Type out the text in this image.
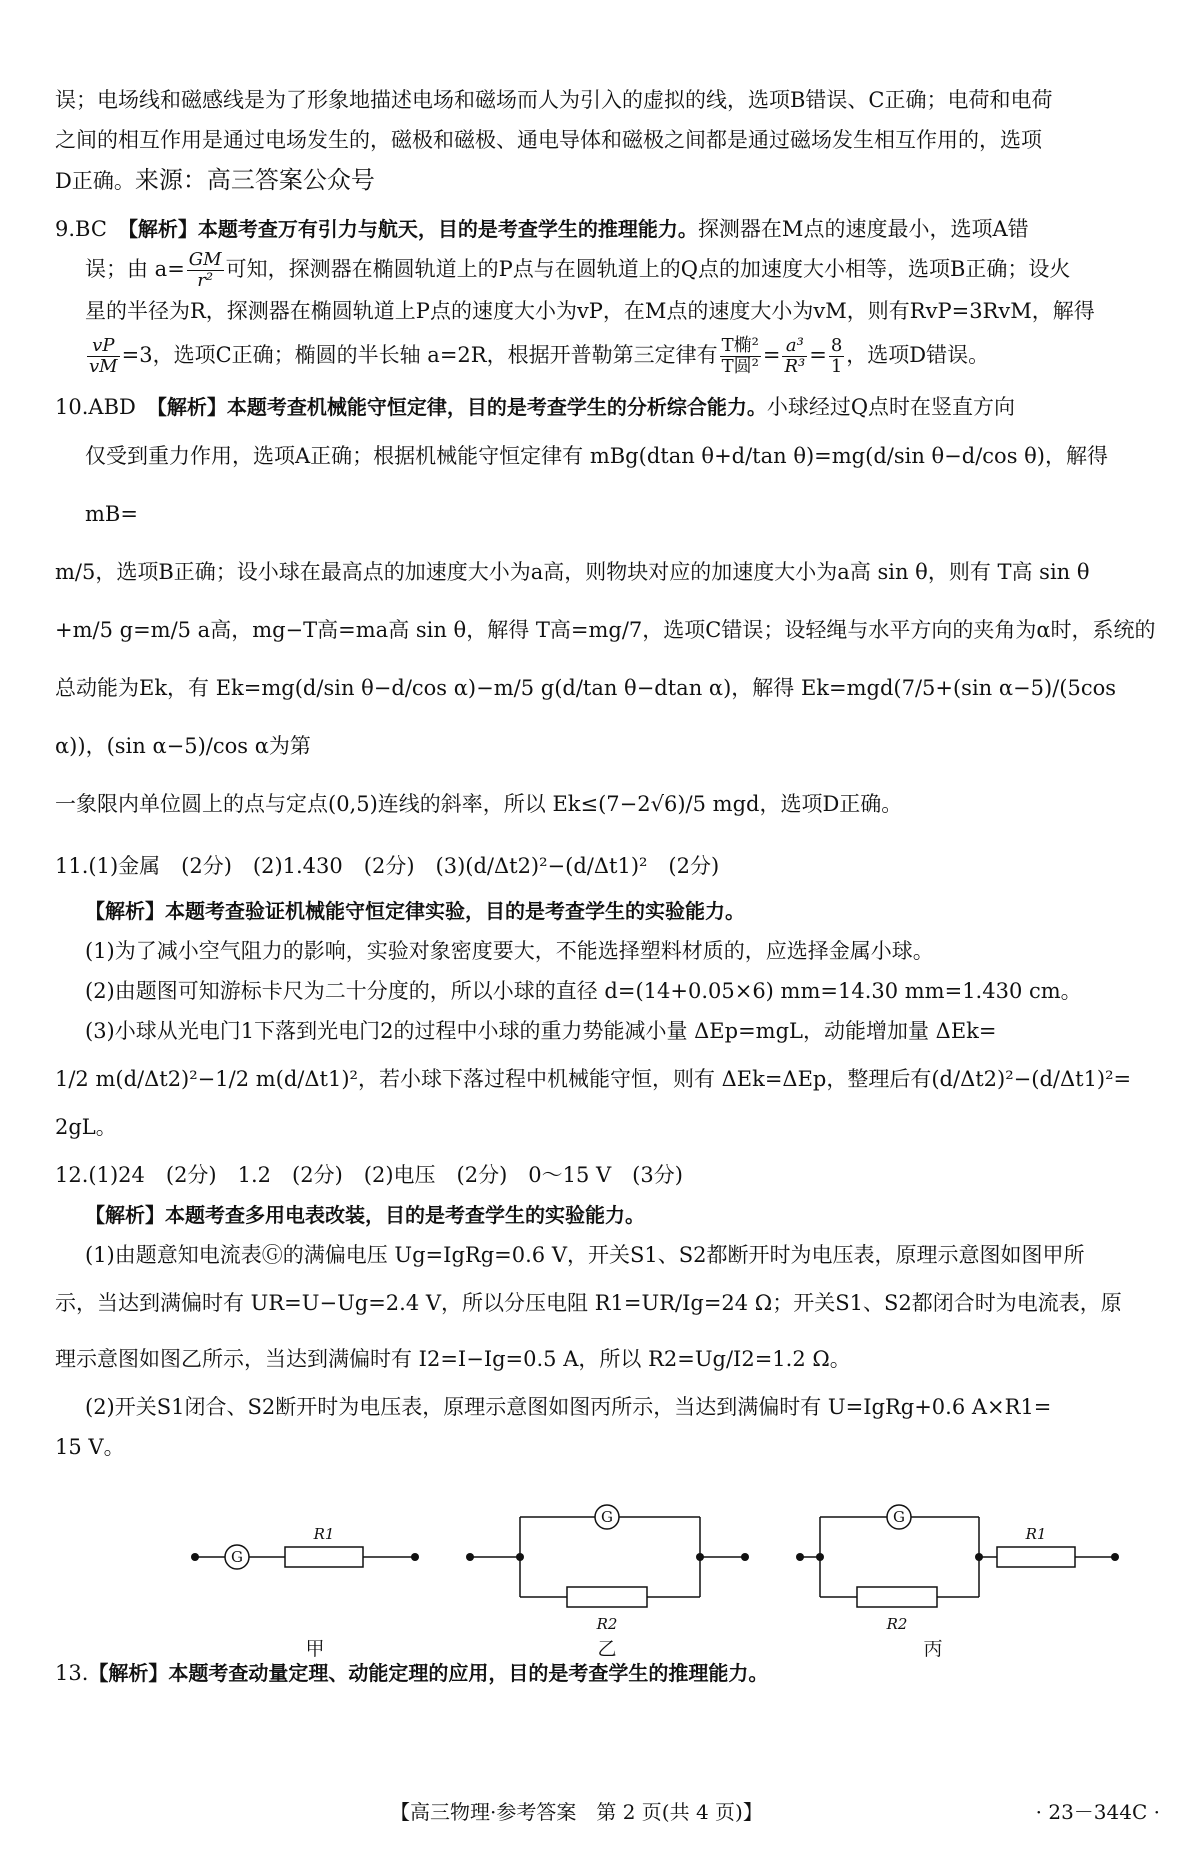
误；电场线和磁感线是为了形象地描述电场和磁场而人为引入的虚拟的线，选项B错误、C正确；电荷和电荷

之间的相互作用是通过电场发生的，磁极和磁极、通电导体和磁极之间都是通过磁场发生相互作用的，选项

D正确。来源：高三答案公众号

9.BC　 【解析】本题考查万有引力与航天，目的是考查学生的推理能力。探测器在M点的速度最小，选项A错

误；由 $a= \frac{GM}{\text{r²}}$ 可知，探测器在椭圆轨道上的P点与在圆轨道上的Q点的加速度大小相等，选项B正确；设火

星的半径为R，探测器在椭圆轨道上P点的速度大小为vP，在M点的速度大小为vM，则有RvP=3RvM，解得

$\frac{vP}{vM} =3$，选项C正确；椭圆的半长轴 a=2R，根据开普勒第三定律有 $\frac{\text{T椭²}}{\text{T圆²}} = \frac{\text{a³}}{\text{R³}} = \frac{8}{1}$ ，选项D错误。

10.ABD　 【解析】本题考查机械能守恒定律，目的是考查学生的分析综合能力。小球经过Q点时在竖直方向

仅受到重力作用，选项A正确；根据机械能守恒定律有 mBg(dtan θ+d/tan θ)=mg(d/sin θ−d/cos θ)，解得 mB=

m/5，选项B正确；设小球在最高点的加速度大小为a高，则物块对应的加速度大小为a高 sin θ，则有 T高 sin θ

+m/5 g=m/5 a高，mg−T高=ma高 sin θ，解得 T高=mg/7，选项C错误；设轻绳与水平方向的夹角为α时，系统的

总动能为Ek，有 Ek=mg(d/sin θ−d/cos α)−m/5 g(d/tan θ−dtan α)，解得 Ek=mgd(7/5+(sin α−5)/(5cos α))，(sin α−5)/cos α为第

一象限内单位圆上的点与定点(0,5)连线的斜率，所以 Ek≤(7−2√6)/5 mgd，选项D正确。

11.(1)金属　(2分)　(2)1.430　(2分)　(3)(d/Δt2)²−(d/Δt1)²　(2分)

【解析】本题考查验证机械能守恒定律实验，目的是考查学生的实验能力。

(1)为了减小空气阻力的影响，实验对象密度要大，不能选择塑料材质的，应选择金属小球。

(2)由题图可知游标卡尺为二十分度的，所以小球的直径 d=(14+0.05×6) mm=14.30 mm=1.430 cm。

(3)小球从光电门1下落到光电门2的过程中小球的重力势能减小量 ΔEp=mgL，动能增加量 ΔEk=

1/2 m(d/Δt2)²−1/2 m(d/Δt1)²，若小球下落过程中机械能守恒，则有 ΔEk=ΔEp，整理后有(d/Δt2)²−(d/Δt1)²=

2gL。

12.(1)24　(2分)　1.2　(2分)　(2)电压　(2分)　0～15 V　(3分)

【解析】本题考查多用电表改装，目的是考查学生的实验能力。

(1)由题意知电流表Ⓖ的满偏电压 Ug=IgRg=0.6 V，开关S1、S2都断开时为电压表，原理示意图如图甲所

示，当达到满偏时有 UR=U−Ug=2.4 V，所以分压电阻 R1=UR/Ig=24 Ω；开关S1、S2都闭合时为电流表，原

理示意图如图乙所示，当达到满偏时有 I2=I−Ig=0.5 A，所以 R2=Ug/I2=1.2 Ω。

(2)开关S1闭合、S2断开时为电压表，原理示意图如图丙所示，当达到满偏时有 U=IgRg+0.6 A×R1=

15 V。

G
R1
G
R2
G
R2
R1
甲	乙	丙

13.【解析】本题考查动量定理、动能定理的应用，目的是考查学生的推理能力。

【高三物理·参考答案　第 2 页(共 4 页)】	· 23－344C ·
